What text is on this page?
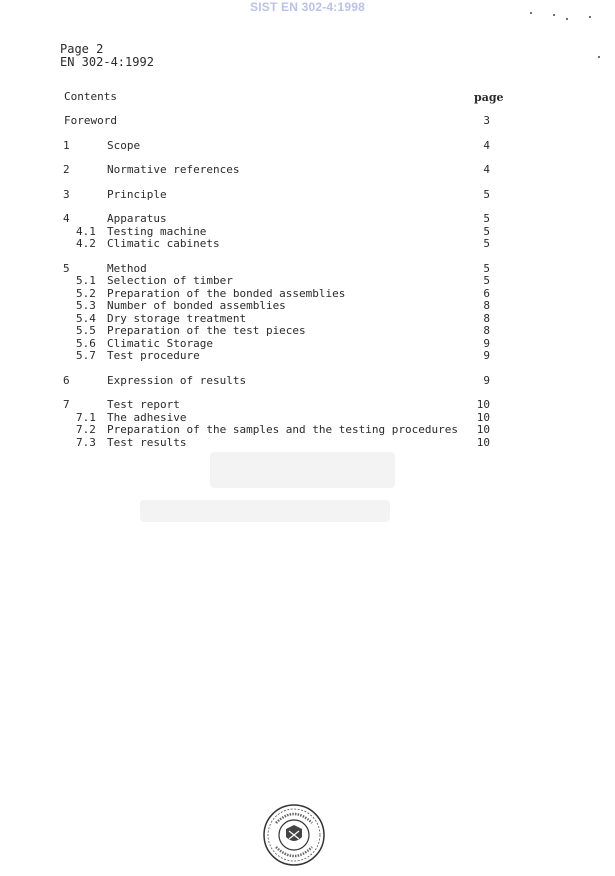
SIST EN 302-4:1998
Page 2
EN 302-4:1992
Contents	page
Foreword	3
1	Scope	4
2	Normative references	4
3	Principle	5
4	Apparatus	5
4.1 Testing machine	5
4.2 Climatic cabinets	5
5	Method	5
5.1 Selection of timber	5
5.2 Preparation of the bonded assemblies	6
5.3 Number of bonded assemblies	8
5.4 Dry storage treatment	8
5.5 Preparation of the test pieces	8
5.6 Climatic Storage	9
5.7 Test procedure	9
6	Expression of results	9
7	Test report	10
7.1 The adhesive	10
7.2 Preparation of the samples and the testing procedures 10
7.3 Test results	10
